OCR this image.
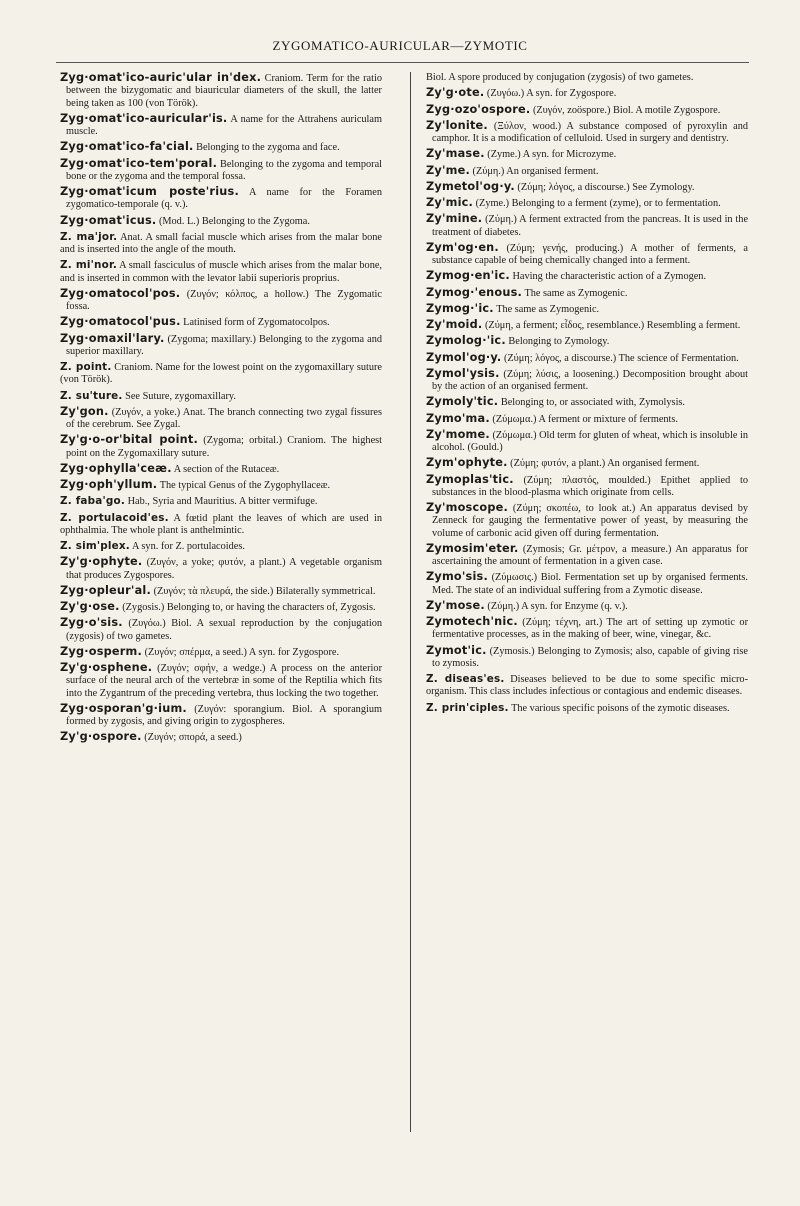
ZYGOMATICO-AURICULAR—ZYMOTIC

Zyg·omat'ico-auric'ular in'dex. Craniom. Term for the ratio between the bizygomatic and biauricular diameters of the skull, the latter being taken as 100 (von Török).

Zyg·omat'ico-auricular'is. A name for the Attrahens auriculam muscle.

Zyg·omat'ico-fa'cial. Belonging to the zygoma and face.

Zyg·omat'ico-tem'poral. Belonging to the zygoma and temporal bone or the zygoma and the temporal fossa.

Zyg·omat'icum poste'rius. A name for the Foramen zygomatico-temporale (q. v.).

Zyg·omat'icus. (Mod. L.) Belonging to the Zygoma.

Z. ma'jor. Anat. A small facial muscle which arises from the malar bone and is inserted into the angle of the mouth.

Z. mi'nor. A small fasciculus of muscle which arises from the malar bone, and is inserted in common with the levator labii superioris proprius.

Zyg·omatocol'pos. (Ζυγόν; κόλπος, a hollow.) The Zygomatic fossa.

Zyg·omatocol'pus. Latinised form of Zygomatocolpos.

Zyg·omaxil'lary. (Zygoma; maxillary.) Belonging to the zygoma and superior maxillary.

Z. point. Craniom. Name for the lowest point on the zygomaxillary suture (von Török).

Z. su'ture. See Suture, zygomaxillary.

Zy'gon. (Ζυγόν, a yoke.) Anat. The branch connecting two zygal fissures of the cerebrum. See Zygal.

Zy'g·o-or'bital point. (Zygoma; orbital.) Craniom. The highest point on the Zygomaxillary suture.

Zyg·ophylla'ceæ. A section of the Rutaceæ.

Zyg·oph'yllum. The typical Genus of the Zygophyllaceæ.

Z. faba'go. Hab., Syria and Mauritius. A bitter vermifuge.

Z. portulacoid'es. A fœtid plant the leaves of which are used in ophthalmia. The whole plant is anthelmintic.

Z. sim'plex. A syn. for Z. portulacoides.

Zy'g·ophyte. (Ζυγόν, a yoke; φυτόν, a plant.) A vegetable organism that produces Zygospores.

Zyg·opleur'al. (Ζυγόν; τὰ πλευρά, the side.) Bilaterally symmetrical.

Zy'g·ose. (Zygosis.) Belonging to, or having the characters of, Zygosis.

Zyg·o'sis. (Ζυγόω.) Biol. A sexual reproduction by the conjugation (zygosis) of two gametes.

Zyg·osperm. (Ζυγόν; σπέρμα, a seed.) A syn. for Zygospore.

Zy'g·osphene. (Ζυγόν; σφήν, a wedge.) A process on the anterior surface of the neural arch of the vertebræ in some of the Reptilia which fits into the Zygantrum of the preceding vertebra, thus locking the two together.

Zyg·osporan'g·ium. (Ζυγόν: sporangium. Biol. A sporangium formed by zygosis, and giving origin to zygospheres.

Zy'g·ospore. (Ζυγόν; σπορά, a seed.)

Biol. A spore produced by conjugation (zygosis) of two gametes.

Zy'g·ote. (Ζυγόω.) A syn. for Zygospore.

Zyg·ozo'ospore. (Ζυγόν, zoöspore.) Biol. A motile Zygospore.

Zy'lonite. (Ξύλον, wood.) A substance composed of pyroxylin and camphor. It is a modification of celluloid. Used in surgery and dentistry.

Zy'mase. (Zyme.) A syn. for Microzyme.

Zy'me. (Ζύμη.) An organised ferment.

Zymetol'og·y. (Ζύμη; λόγος, a discourse.) See Zymology.

Zy'mic. (Zyme.) Belonging to a ferment (zyme), or to fermentation.

Zy'mine. (Ζύμη.) A ferment extracted from the pancreas. It is used in the treatment of diabetes.

Zym'og·en. (Ζύμη; γενής, producing.) A mother of ferments, a substance capable of being chemically changed into a ferment.

Zymog·en'ic. Having the characteristic action of a Zymogen.

Zymog·'enous. The same as Zymogenic.

Zymog·'ic. The same as Zymogenic.

Zy'moid. (Ζύμη, a ferment; εἶδος, resemblance.) Resembling a ferment.

Zymolog·'ic. Belonging to Zymology.

Zymol'og·y. (Ζύμη; λόγος, a discourse.) The science of Fermentation.

Zymol'ysis. (Ζύμη; λύσις, a loosening.) Decomposition brought about by the action of an organised ferment.

Zymoly'tic. Belonging to, or associated with, Zymolysis.

Zymo'ma. (Ζύμωμα.) A ferment or mixture of ferments.

Zy'mome. (Ζύμωμα.) Old term for gluten of wheat, which is insoluble in alcohol. (Gould.)

Zym'ophyte. (Ζύμη; φυτόν, a plant.) An organised ferment.

Zymoplas'tic. (Ζύμη; πλαστός, moulded.) Epithet applied to substances in the blood-plasma which originate from cells.

Zy'moscope. (Ζύμη; σκοπέω, to look at.) An apparatus devised by Zenneck for gauging the fermentative power of yeast, by measuring the volume of carbonic acid given off during fermentation.

Zymosim'eter. (Zymosis; Gr. μέτρον, a measure.) An apparatus for ascertaining the amount of fermentation in a given case.

Zymo'sis. (Ζύμωσις.) Biol. Fermentation set up by organised ferments. Med. The state of an individual suffering from a Zymotic disease.

Zy'mose. (Ζύμη.) A syn. for Enzyme (q. v.).

Zymotech'nic. (Ζύμη; τέχνη, art.) The art of setting up zymotic or fermentative processes, as in the making of beer, wine, vinegar, &c.

Zymot'ic. (Zymosis.) Belonging to Zymosis; also, capable of giving rise to zymosis.

Z. diseas'es. Diseases believed to be due to some specific micro-organism. This class includes infectious or contagious and endemic diseases.

Z. prin'ciples. The various specific poisons of the zymotic diseases.
